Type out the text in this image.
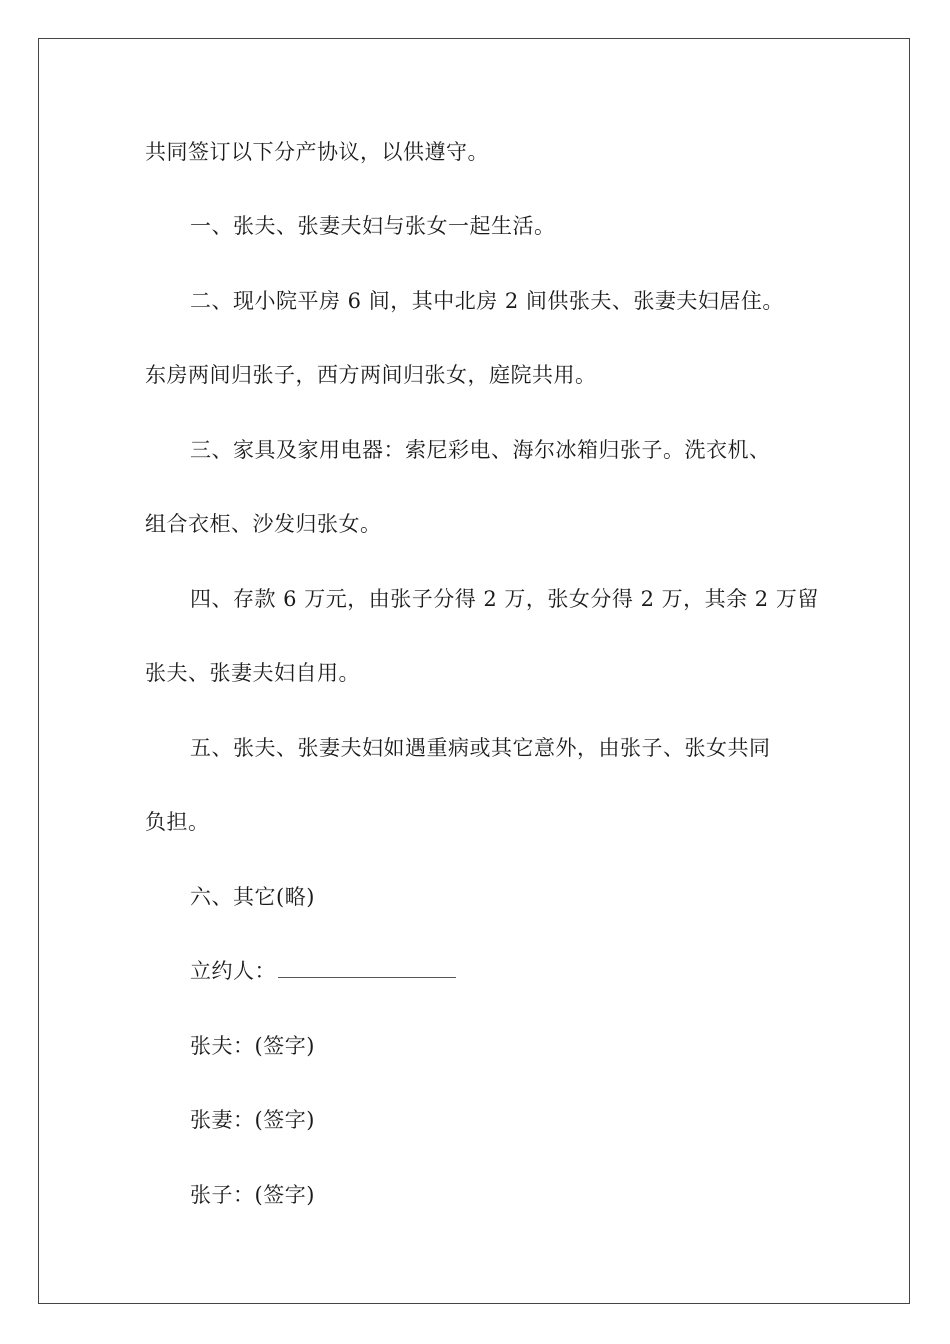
共同签订以下分产协议，以供遵守。
一、张夫、张妻夫妇与张女一起生活。
二、现小院平房 6 间，其中北房 2 间供张夫、张妻夫妇居住。
东房两间归张子，西方两间归张女，庭院共用。
三、家具及家用电器：索尼彩电、海尔冰箱归张子。洗衣机、
组合衣柜、沙发归张女。
四、存款 6 万元，由张子分得 2 万，张女分得 2 万，其余 2 万留
张夫、张妻夫妇自用。
五、张夫、张妻夫妇如遇重病或其它意外，由张子、张女共同
负担。
六、其它(略)
立约人：
张夫：(签字)
张妻：(签字)
张子：(签字)
